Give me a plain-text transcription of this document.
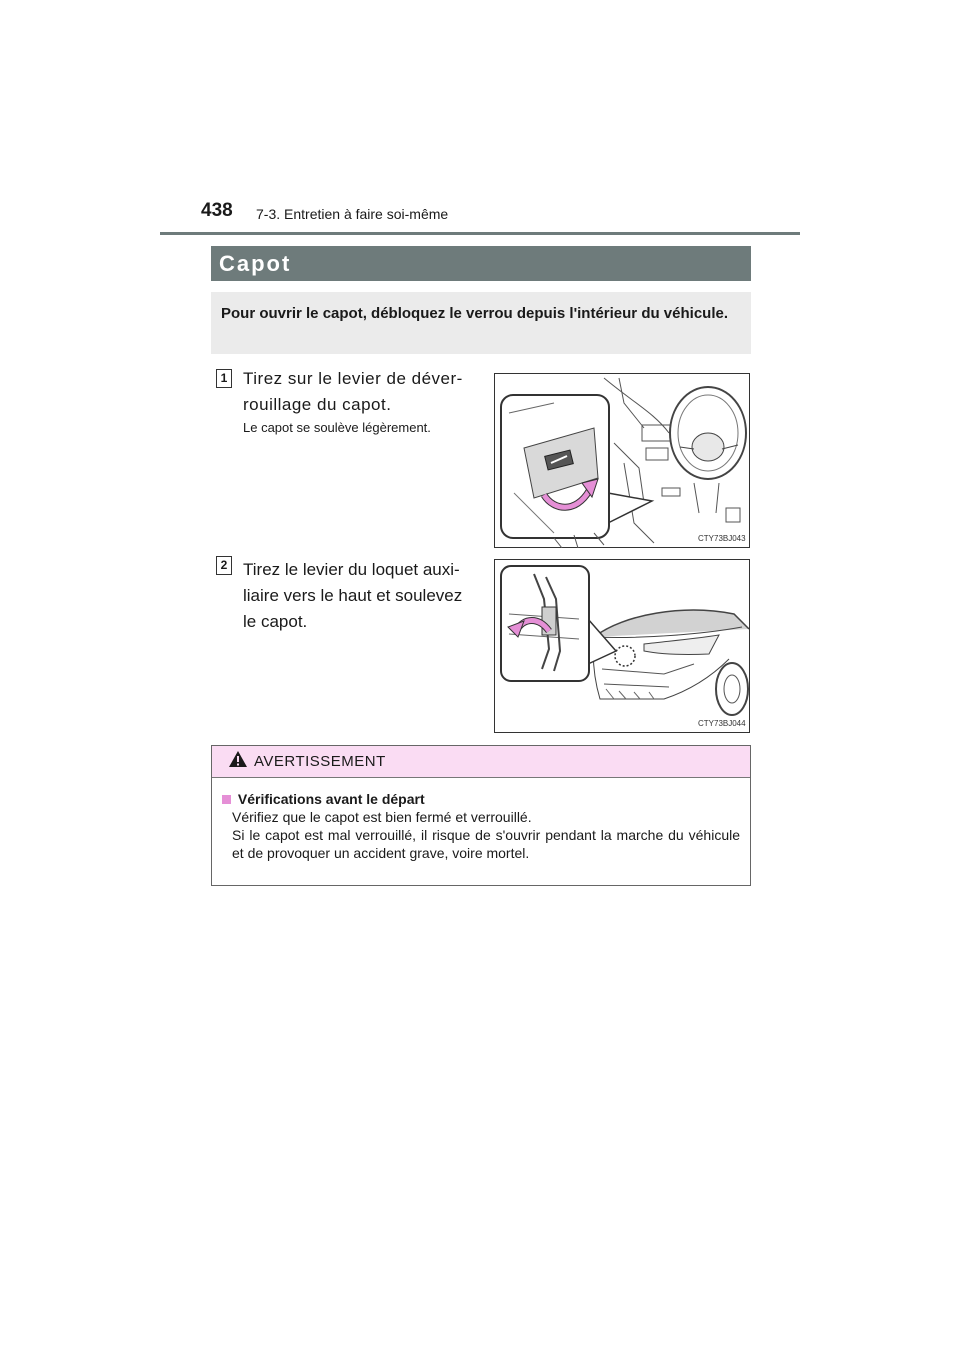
438 7-3. Entretien à faire soi-même
Capot
Pour ouvrir le capot, débloquez le verrou depuis l'intérieur du véhicule.
1 Tirez sur le levier de déver-rouillage du capot.
Le capot se soulève légèrement.
CTY73BJ043
2 Tirez le levier du loquet auxi-liaire vers le haut et soulevez le capot.
CTY73BJ044
AVERTISSEMENT
Vérifications avant le départ
Vérifiez que le capot est bien fermé et verrouillé.
Si le capot est mal verrouillé, il risque de s'ouvrir pendant la marche du véhicule et de provoquer un accident grave, voire mortel.
